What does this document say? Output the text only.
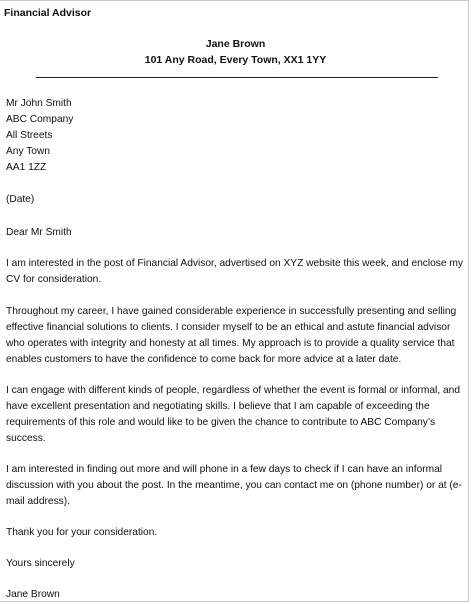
Financial Advisor
Jane Brown
101 Any Road, Every Town, XX1 1YY
Mr John Smith
ABC Company
All Streets
Any Town
AA1 1ZZ
(Date)
Dear Mr Smith
I am interested in the post of Financial Advisor, advertised on XYZ website this week, and enclose my CV for consideration.
Throughout my career, I have gained considerable experience in successfully presenting and selling effective financial solutions to clients. I consider myself to be an ethical and astute financial advisor who operates with integrity and honesty at all times. My approach is to provide a quality service that enables customers to have the confidence to come back for more advice at a later date.
I can engage with different kinds of people, regardless of whether the event is formal or informal, and have excellent presentation and negotiating skills. I believe that I am capable of exceeding the requirements of this role and would like to be given the chance to contribute to ABC Company’s success.
I am interested in finding out more and will phone in a few days to check if I can have an informal discussion with you about the post. In the meantime, you can contact me on (phone number) or at (e-mail address).
Thank you for your consideration.
Yours sincerely
Jane Brown
